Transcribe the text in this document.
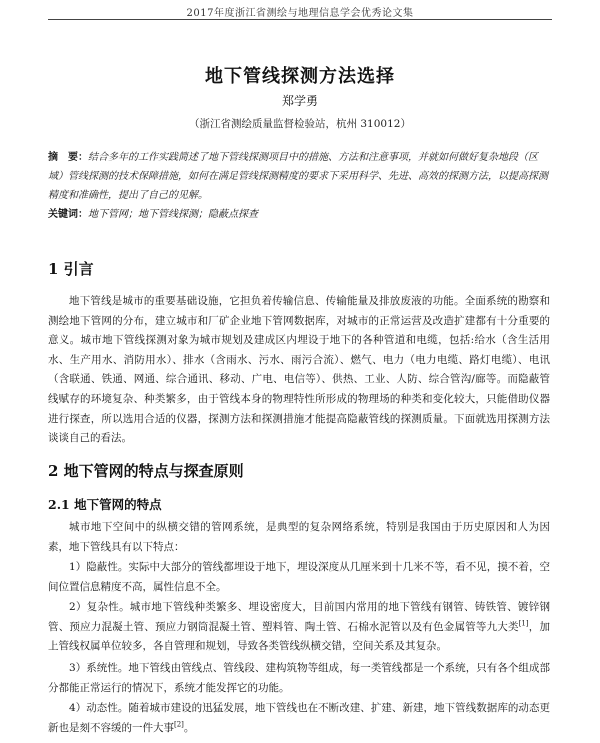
2017年度浙江省测绘与地理信息学会优秀论文集
地下管线探测方法选择
郑学勇
（浙江省测绘质量监督检验站，杭州 310012）
摘　要：结合多年的工作实践简述了地下管线探测项目中的措施、方法和注意事项，并就如何做好复杂地段（区域）管线探测的技术保障措施，如何在满足管线探测精度的要求下采用科学、先进、高效的探测方法，以提高探测精度和准确性，提出了自己的见解。
关键词：地下管网；地下管线探测；隐蔽点探查
1 引言

地下管线是城市的重要基础设施，它担负着传输信息、传输能量及排放废液的功能。全面系统的勘察和测绘地下管网的分布，建立城市和厂矿企业地下管网数据库，对城市的正常运营及改造扩建都有十分重要的意义。城市地下管线探测对象为城市规划及建成区内埋设于地下的各种管道和电缆，包括:给水（含生活用水、生产用水、消防用水）、排水（含雨水、污水、雨污合流）、燃气、电力（电力电缆、路灯电缆）、电讯（含联通、铁通、网通、综合通讯、移动、广电、电信等）、供热、工业、人防、综合管沟/廊等。而隐蔽管线赋存的环境复杂、种类繁多，由于管线本身的物理特性所形成的物理场的种类和变化较大，只能借助仪器进行探查，所以选用合适的仪器，探测方法和探测措施才能提高隐蔽管线的探测质量。下面就选用探测方法谈谈自己的看法。

2 地下管网的特点与探查原则
2.1 地下管网的特点

城市地下空间中的纵横交错的管网系统，是典型的复杂网络系统，特别是我国由于历史原因和人为因素，地下管线具有以下特点：

1）隐蔽性。实际中大部分的管线都埋设于地下，埋设深度从几厘米到十几米不等，看不见，摸不着，空间位置信息精度不高，属性信息不全。

2）复杂性。城市地下管线种类繁多、埋设密度大，目前国内常用的地下管线有钢管、铸铁管、镀锌钢管、预应力混凝土管、预应力钢筒混凝土管、塑料管、陶土管、石棉水泥管以及有色金属管等九大类[1]，加上管线权属单位较多，各自管理和规划，导致各类管线纵横交错，空间关系及其复杂。

3）系统性。地下管线由管线点、管线段、建构筑物等组成，每一类管线都是一个系统，只有各个组成部分都能正常运行的情况下，系统才能发挥它的功能。

4）动态性。随着城市建设的迅猛发展，地下管线也在不断改建、扩建、新建，地下管线数据库的动态更新也是刻不容缓的一件大事[2]。
